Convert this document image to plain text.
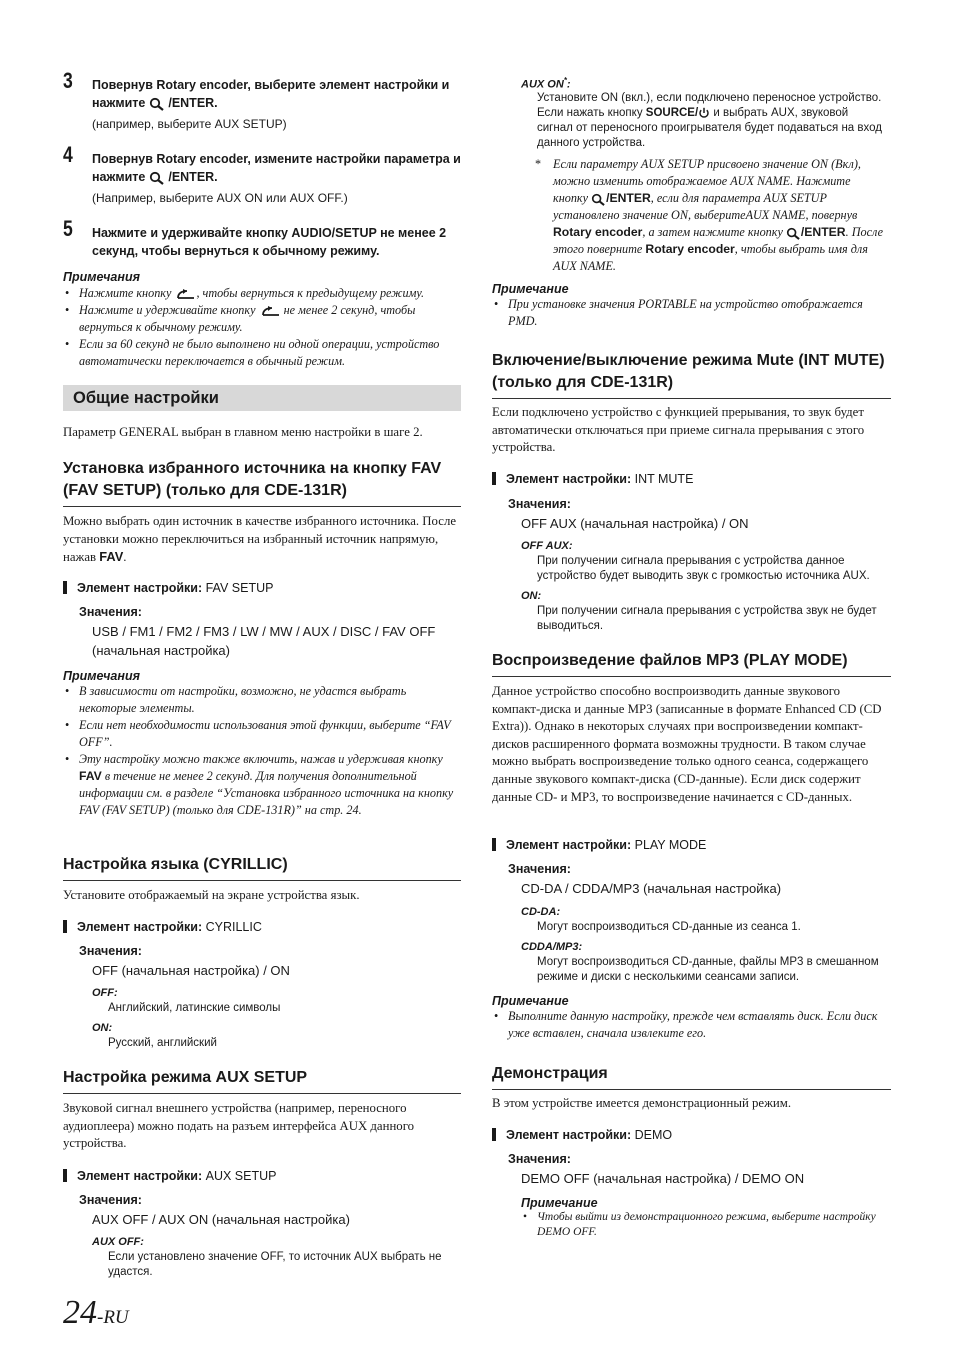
3 Повернув Rotary encoder, выберите элемент настройки и нажмите /ENTER.
(например, выберите AUX SETUP)
4 Повернув Rotary encoder, измените настройки параметра и нажмите /ENTER.
(Например, выберите AUX ON или AUX OFF.)
5 Нажмите и удерживайте кнопку AUDIO/SETUP не менее 2 секунд, чтобы вернуться к обычному режиму.
Примечания
• Нажмите кнопку , чтобы вернуться к предыдущему режиму.
• Нажмите и удерживайте кнопку не менее 2 секунд, чтобы вернуться к обычному режиму.
• Если за 60 секунд не было выполнено ни одной операции, устройство автоматически переключается в обычный режим.
Общие настройки
Параметр GENERAL выбран в главном меню настройки в шаге 2.
Установка избранного источника на кнопку FAV (FAV SETUP) (только для CDE-131R)
Можно выбрать один источник в качестве избранного источника. После установки можно переключиться на избранный источник напрямую, нажав FAV.
Элемент настройки: FAV SETUP
Значения:
USB / FM1 / FM2 / FM3 / LW / MW / AUX / DISC / FAV OFF (начальная настройка)
Примечания
• В зависимости от настройки, возможно, не удастся выбрать некоторые элементы.
• Если нет необходимости использования этой функции, выберите “FAV OFF”.
• Эту настройку можно также включить, нажав и удерживая кнопку FAV в течение не менее 2 секунд. Для получения дополнительной информации см. в разделе “Установка избранного источника на кнопку FAV (FAV SETUP) (только для CDE-131R)” на стр. 24.
Настройка языка (CYRILLIC)
Установите отображаемый на экране устройства язык.
Элемент настройки: CYRILLIC
Значения:
OFF (начальная настройка) / ON
OFF:
Английский, латинские символы
ON:
Русский, английский
Настройка режима AUX SETUP
Звуковой сигнал внешнего устройства (например, переносного аудиоплеера) можно подать на разъем интерфейса AUX данного устройства.
Элемент настройки: AUX SETUP
Значения:
AUX OFF / AUX ON (начальная настройка)
AUX OFF:
Если установлено значение OFF, то источник AUX выбрать не удастся.
AUX ON*:
Установите ON (вкл.), если подключено переносное устройство. Если нажать кнопку SOURCE/ и выбрать AUX, звуковой сигнал от переносного проигрывателя будет подаваться на вход данного устройства.
* Если параметру AUX SETUP присвоено значение ON (Вкл), можно изменить отображаемое AUX NAME. Нажмите кнопку /ENTER, если для параметра AUX SETUP установлено значение ON, выберитеAUX NAME, повернув Rotary encoder, а затем нажмите кнопку /ENTER. После этого поверните Rotary encoder, чтобы выбрать имя для AUX NAME.
Примечание
• При установке значения PORTABLE на устройство отображается PMD.
Включение/выключение режима Mute (INT MUTE) (только для CDE-131R)
Если подключено устройство с функцией прерывания, то звук будет автоматически отключаться при приеме сигнала прерывания с этого устройства.
Элемент настройки: INT MUTE
Значения:
OFF AUX (начальная настройка) / ON
OFF AUX:
При получении сигнала прерывания с устройства данное устройство будет выводить звук с громкостью источника AUX.
ON:
При получении сигнала прерывания с устройства звук не будет выводиться.
Воспроизведение файлов MP3 (PLAY MODE)
Данное устройство способно воспроизводить данные звукового компакт-диска и данные MP3 (записанные в формате Enhanced CD (CD Extra)). Однако в некоторых случаях при воспроизведении компакт-дисков расширенного формата возможны трудности. В таком случае можно выбрать воспроизведение только одного сеанса, содержащего данные звукового компакт-диска (CD-данные). Если диск содержит данные CD- и MP3, то воспроизведение начинается с CD-данных.
Элемент настройки: PLAY MODE
Значения:
CD-DA / CDDA/MP3 (начальная настройка)
CD-DA:
Могут воспроизводиться CD-данные из сеанса 1.
CDDA/MP3:
Могут воспроизводиться CD-данные, файлы MP3 в смешанном режиме и диски с несколькими сеансами записи.
Примечание
• Выполните данную настройку, прежде чем вставлять диск. Если диск уже вставлен, сначала извлеките его.
Демонстрация
В этом устройстве имеется демонстрационный режим.
Элемент настройки: DEMO
Значения:
DEMO OFF (начальная настройка) / DEMO ON
Примечание
• Чтобы выйти из демонстрационного режима, выберите настройку DEMO OFF.
24-RU
